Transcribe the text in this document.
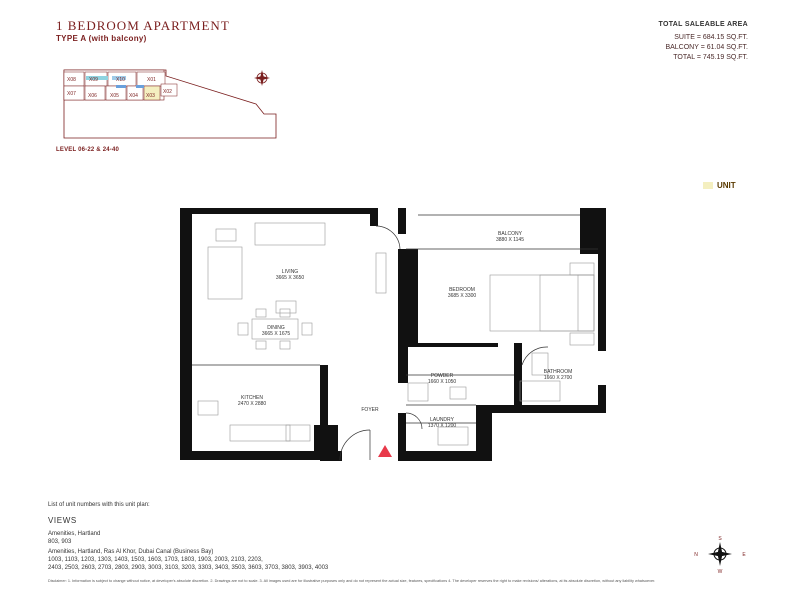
1 BEDROOM APARTMENT
TYPE A (with balcony)
TOTAL SALEABLE AREA
SUITE = 684.15 SQ.FT.
BALCONY = 61.04 SQ.FT.
TOTAL = 745.19 SQ.FT.
X08	X09	X10	X01
X07 X06	X05 X04 X03
X02
LEVEL 06-22 & 24-40
UNIT
BALCONY
3880 X 1145
LIVING
3665 X 3650
BEDROOM
3685 X 3300
DINING
3665 X 1675
POWDER
1660 X 1050
BATHROOM
1660 X 2700
KITCHEN
2470 X 2880
FOYER
LAUNDRY
1370 X 1200
List of unit numbers with this unit plan:
VIEWS
Amenities, Hartland
803, 903
Amenities, Hartland, Ras Al Khor, Dubai Canal (Business Bay)
1003, 1103, 1203, 1303, 1403, 1503, 1603, 1703, 1803, 1903, 2003, 2103, 2203,
2403, 2503, 2603, 2703, 2803, 2903, 3003, 3103, 3203, 3303, 3403, 3503, 3603, 3703, 3803, 3903, 4003
S
W
N	E
Disclaimer: 1. Information is subject to change without notice, at developer's absolute discretion. 2. Drawings are not to scale. 3. All images used are for illustrative purposes only and do not represent the actual size, features, specifications 4. The developer reserves the right to make revisions/ alterations, at its absolute discretion, without any liability whatsoever.
